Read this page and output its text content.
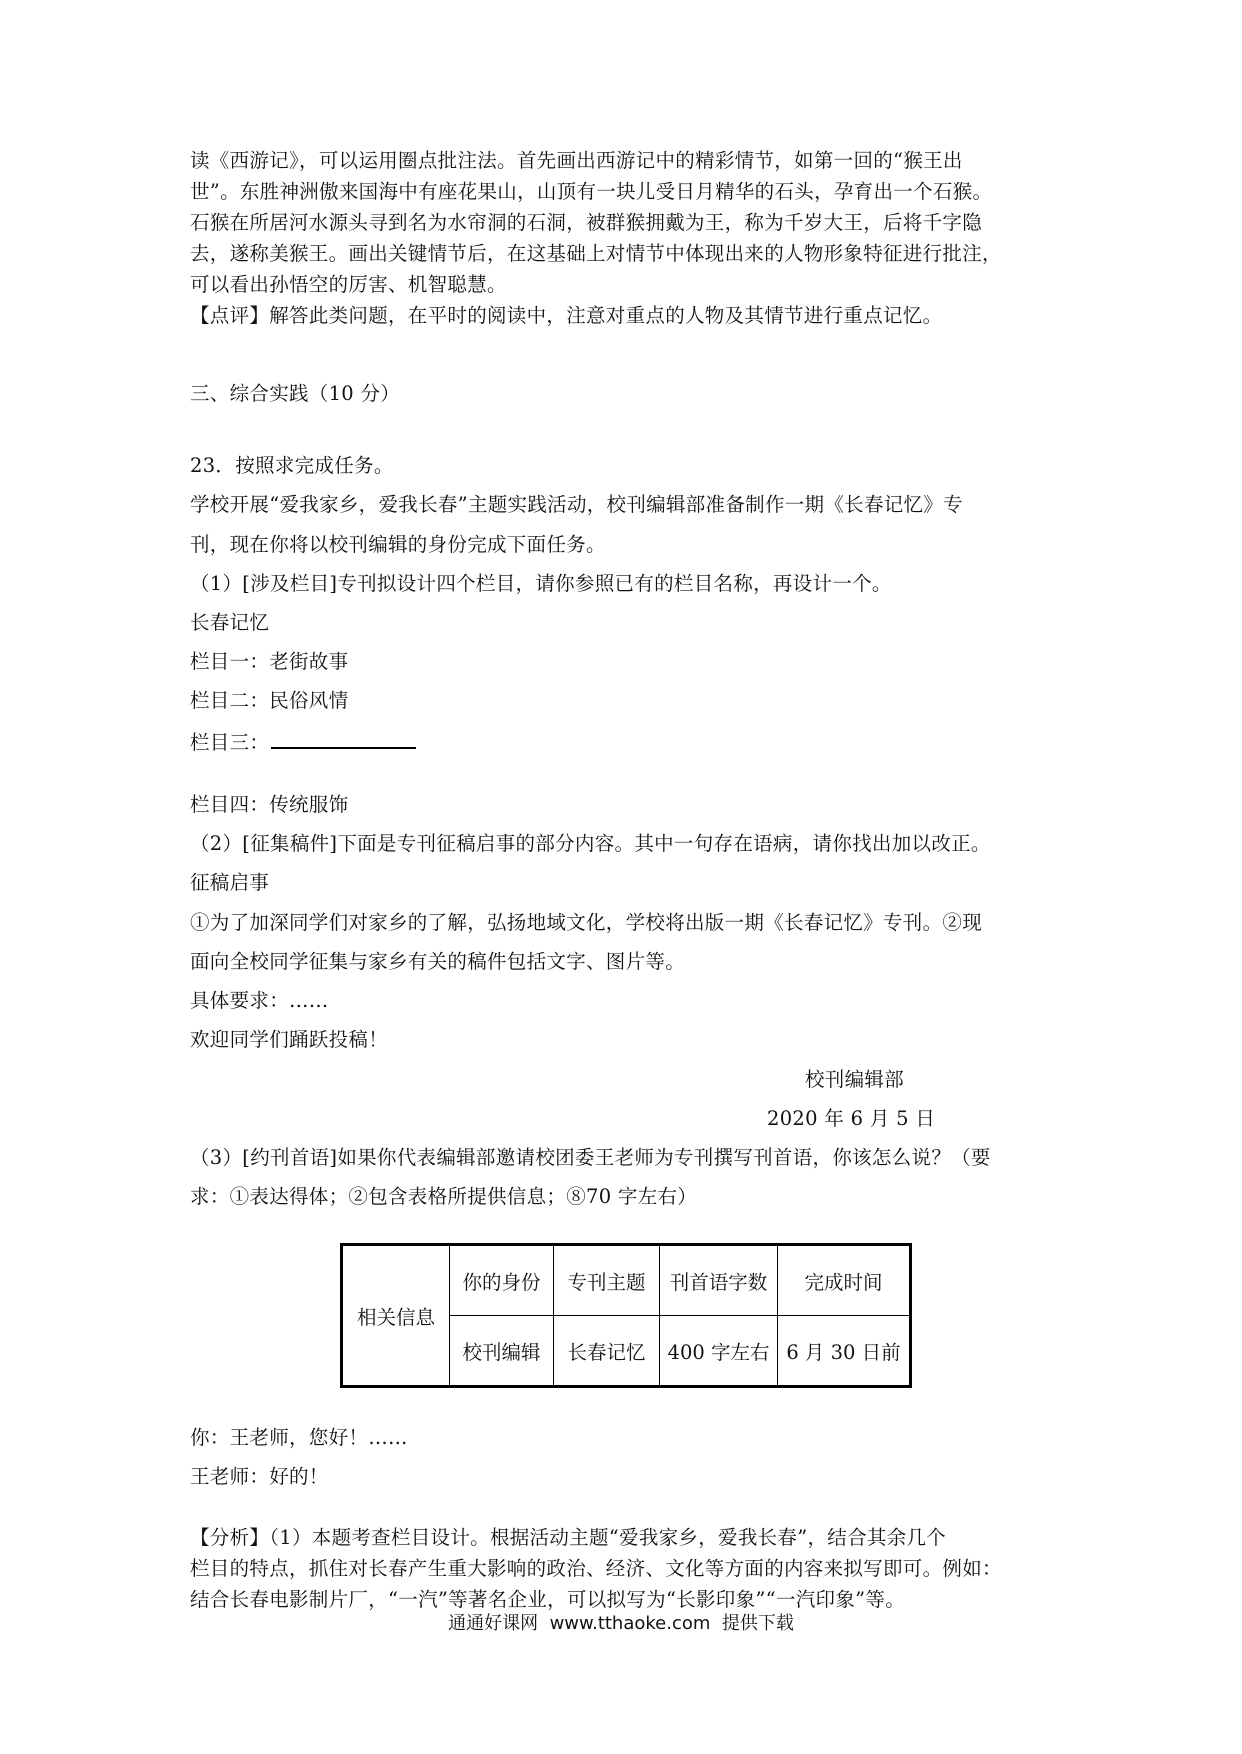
读《西游记》，可以运用圈点批注法。首先画出西游记中的精彩情节，如第一回的“猴王出
世”。东胜神洲傲来国海中有座花果山，山顶有一块儿受日月精华的石头，孕育出一个石猴。
石猴在所居河水源头寻到名为水帘洞的石洞，被群猴拥戴为王，称为千岁大王，后将千字隐
去，遂称美猴王。画出关键情节后，在这基础上对情节中体现出来的人物形象特征进行批注，
可以看出孙悟空的厉害、机智聪慧。
【点评】解答此类问题，在平时的阅读中，注意对重点的人物及其情节进行重点记忆。
三、综合实践（10 分）
23．按照求完成任务。
学校开展“爱我家乡，爱我长春”主题实践活动，校刊编辑部准备制作一期《长春记忆》专
刊，现在你将以校刊编辑的身份完成下面任务。
（1）[涉及栏目]专刊拟设计四个栏目，请你参照已有的栏目名称，再设计一个。
长春记忆
栏目一：老街故事
栏目二：民俗风情
栏目三：
栏目四：传统服饰
（2）[征集稿件]下面是专刊征稿启事的部分内容。其中一句存在语病，请你找出加以改正。
征稿启事
①为了加深同学们对家乡的了解，弘扬地域文化，学校将出版一期《长春记忆》专刊。②现
面向全校同学征集与家乡有关的稿件包括文字、图片等。
具体要求：……
欢迎同学们踊跃投稿！
校刊编辑部
2020 年 6 月 5 日
（3）[约刊首语]如果你代表编辑部邀请校团委王老师为专刊撰写刊首语，你该怎么说？（要
求：①表达得体；②包含表格所提供信息；⑧70 字左右）
相关信息	你的身份	专刊主题	刊首语字数	完成时间
	校刊编辑	长春记忆	400 字左右	6 月 30 日前
你：王老师，您好！……
王老师：好的！
【分析】（1）本题考查栏目设计。根据活动主题“爱我家乡，爱我长春”，结合其余几个
栏目的特点，抓住对长春产生重大影响的政治、经济、文化等方面的内容来拟写即可。例如：
结合长春电影制片厂，“一汽”等著名企业，可以拟写为“长影印象”“一汽印象”等。
通通好课网  www.tthaoke.com  提供下载
